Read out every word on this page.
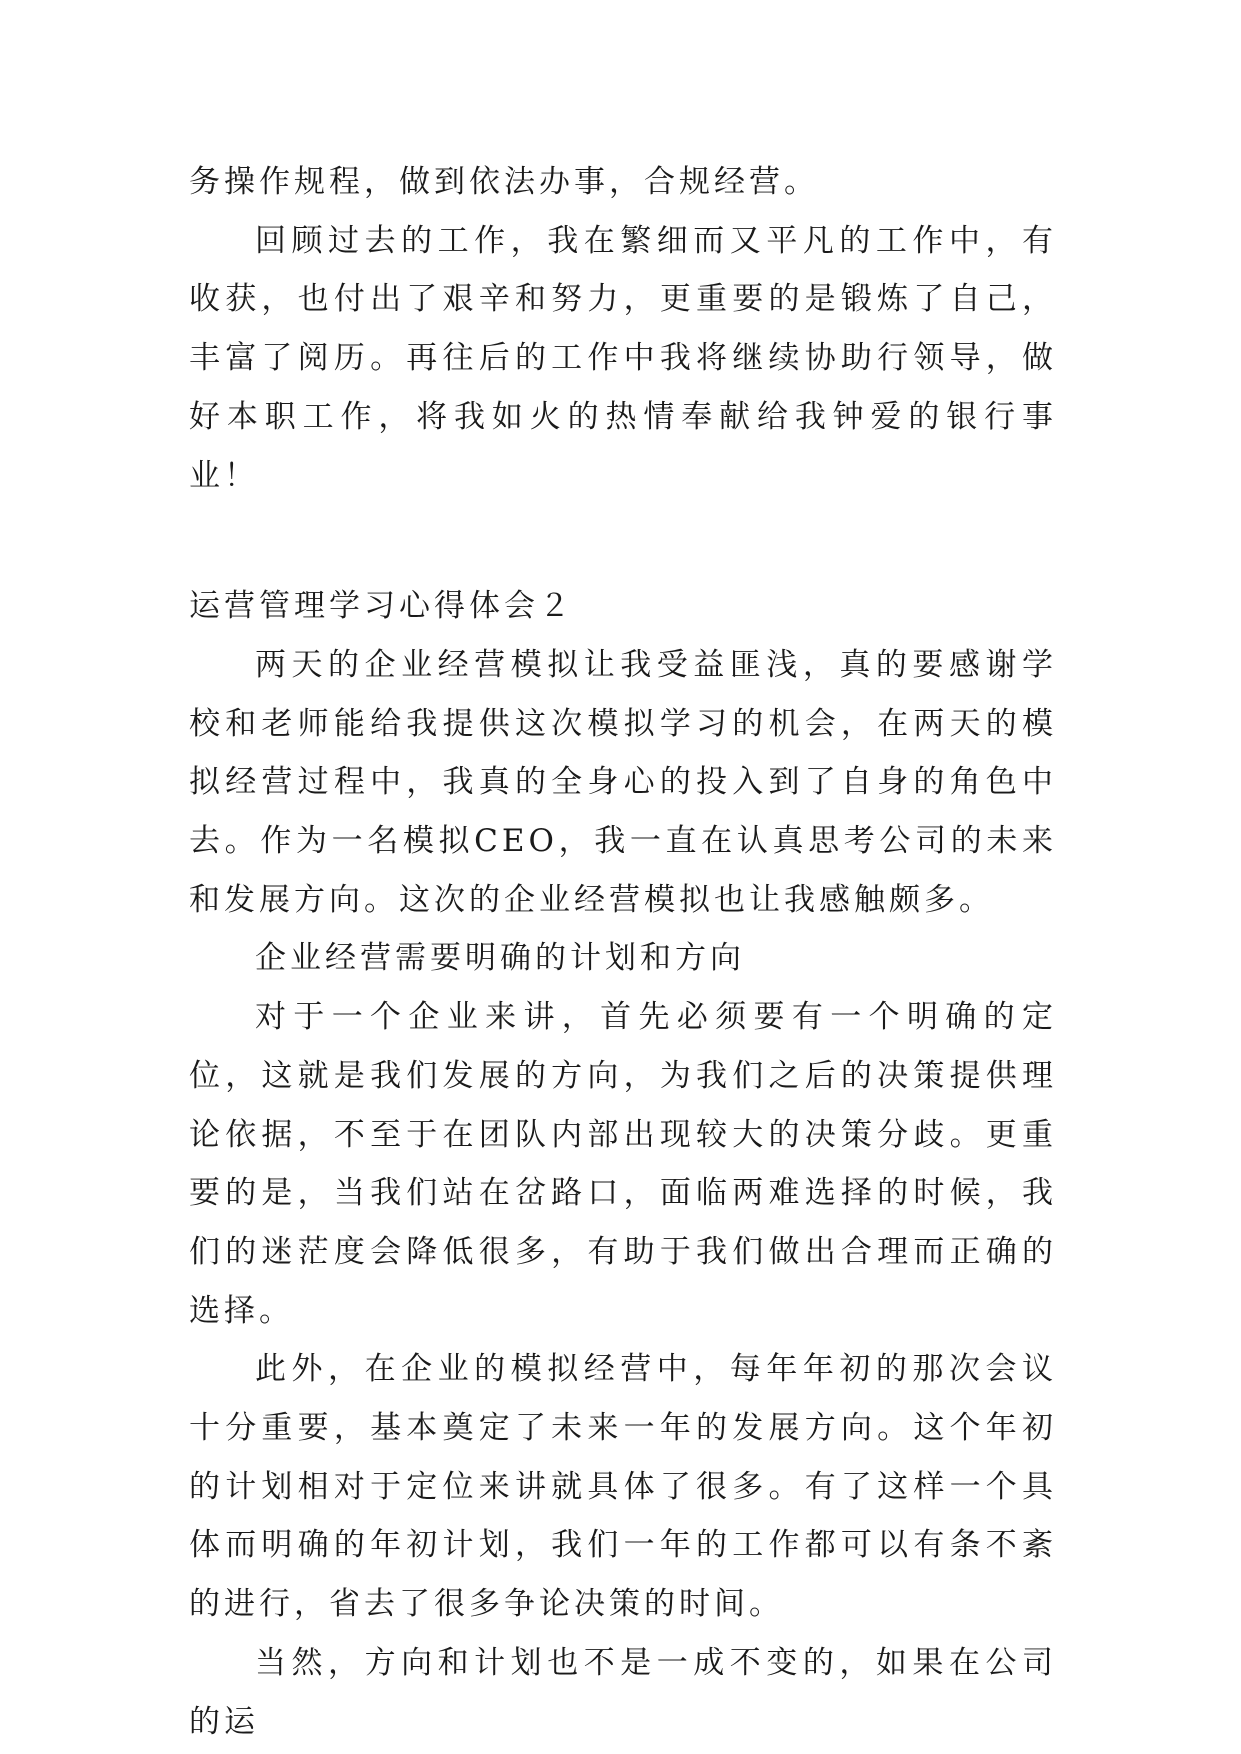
务操作规程，做到依法办事，合规经营。

回顾过去的工作，我在繁细而又平凡的工作中，有收获，也付出了艰辛和努力，更重要的是锻炼了自己，丰富了阅历。再往后的工作中我将继续协助行领导，做好本职工作，将我如火的热情奉献给我钟爱的银行事业！

运营管理学习心得体会２

两天的企业经营模拟让我受益匪浅，真的要感谢学校和老师能给我提供这次模拟学习的机会，在两天的模拟经营过程中，我真的全身心的投入到了自身的角色中去。作为一名模拟CEO，我一直在认真思考公司的未来和发展方向。这次的企业经营模拟也让我感触颇多。

企业经营需要明确的计划和方向

对于一个企业来讲，首先必须要有一个明确的定位，这就是我们发展的方向，为我们之后的决策提供理论依据，不至于在团队内部出现较大的决策分歧。更重要的是，当我们站在岔路口，面临两难选择的时候，我们的迷茫度会降低很多，有助于我们做出合理而正确的选择。

此外，在企业的模拟经营中，每年年初的那次会议十分重要，基本奠定了未来一年的发展方向。这个年初的计划相对于定位来讲就具体了很多。有了这样一个具体而明确的年初计划，我们一年的工作都可以有条不紊的进行，省去了很多争论决策的时间。

当然，方向和计划也不是一成不变的，如果在公司的运
